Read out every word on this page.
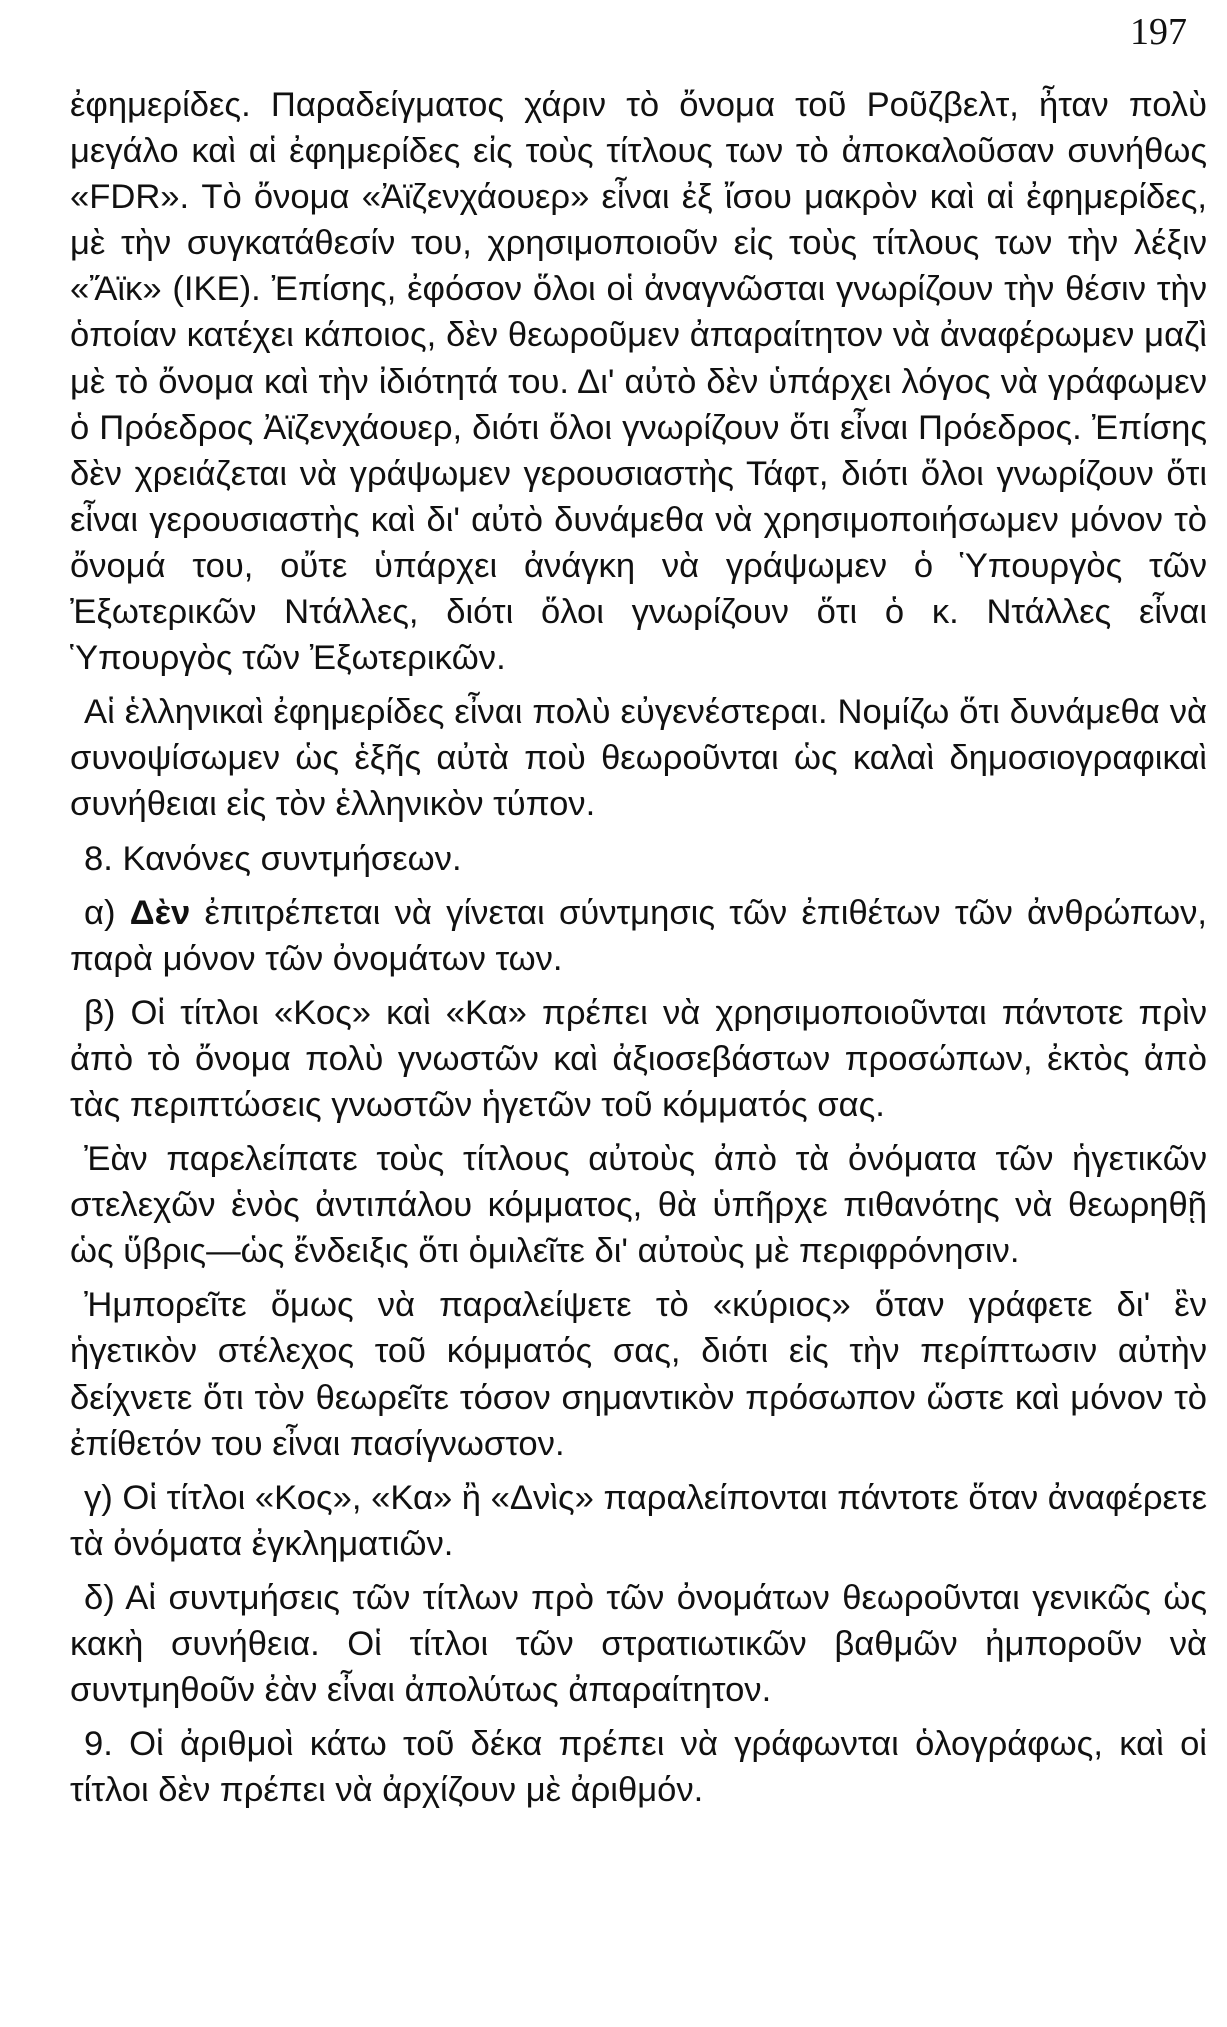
197

ἐφημερίδες. Παραδείγματος χάριν τὸ ὄνομα τοῦ Ρoῦζβελτ, ἦταν πολὺ μεγάλο καὶ αἱ ἐφημερίδες εἰς τοὺς τίτλους των τὸ ἀποκαλοῦσαν συνήθως «FDR». Τὸ ὄνομα «Ἀϊζενχάουερ» εἶναι ἐξ ἴσου μακρὸν καὶ αἱ ἐφημερίδες, μὲ τὴν συγκατάθεσίν του, χρησιμοποιοῦν εἰς τοὺς τίτλους των τὴν λέξιν «Ἄϊκ» (ΙΚΕ). Ἐπίσης, ἐφόσον ὅλοι οἱ ἀναγνῶσται γνωρίζουν τὴν θέσιν τὴν ὁποίαν κατέχει κάποιος, δὲν θεωροῦμεν ἀπαραίτητον νὰ ἀναφέρωμεν μαζὶ μὲ τὸ ὄνομα καὶ τὴν ἰδιότητά του. Δι' αὐτὸ δὲν ὑπάρχει λόγος νὰ γράφωμεν ὁ Πρόεδρος Ἀϊζενχάουερ, διότι ὅλοι γνωρίζουν ὅτι εἶναι Πρόεδρος. Ἐπίσης δὲν χρειάζεται νὰ γράψωμεν γερουσιαστὴς Τάφτ, διότι ὅλοι γνωρίζουν ὅτι εἶναι γερουσιαστὴς καὶ δι' αὐτὸ δυνάμεθα νὰ χρησιμοποιήσωμεν μόνον τὸ ὄνομά του, οὔτε ὑπάρχει ἀνάγκη νὰ γράψωμεν ὁ Ὑπουργὸς τῶν Ἐξωτερικῶν Ντάλλες, διότι ὅλοι γνωρίζουν ὅτι ὁ κ. Ντάλλες εἶναι Ὑπουργὸς τῶν Ἐξωτερικῶν.

Αἱ ἑλληνικαὶ ἐφημερίδες εἶναι πολὺ εὐγενέστεραι. Νομίζω ὅτι δυνάμεθα νὰ συνοψίσωμεν ὡς ἑξῆς αὐτὰ ποὺ θεωροῦνται ὡς καλαὶ δημοσιογραφικαὶ συνήθειαι εἰς τὸν ἑλληνικὸν τύπον.

8. Κανόνες συντμήσεων.

α) Δὲν ἐπιτρέπεται νὰ γίνεται σύντμησις τῶν ἐπιθέτων τῶν ἀνθρώπων, παρὰ μόνον τῶν ὀνομάτων των.

β) Οἱ τίτλοι «Κος» καὶ «Κα» πρέπει νὰ χρησιμοποιοῦνται πάντοτε πρὶν ἀπὸ τὸ ὄνομα πολὺ γνωστῶν καὶ ἀξιοσεβάστων προσώπων, ἐκτὸς ἀπὸ τὰς περιπτώσεις γνωστῶν ἡγετῶν τοῦ κόμματός σας.

Ἐὰν παρελείπατε τοὺς τίτλους αὐτοὺς ἀπὸ τὰ ὀνόματα τῶν ἡγετικῶν στελεχῶν ἑνὸς ἀντιπάλου κόμματος, θὰ ὑπῆρχε πιθανότης νὰ θεωρηθῇ ὡς ὕβρις—ὡς ἔνδειξις ὅτι ὁμιλεῖτε δι' αὐτοὺς μὲ περιφρόνησιν.

Ἠμπορεῖτε ὅμως νὰ παραλείψετε τὸ «κύριος» ὅταν γράφετε δι' ἓν ἡγετικὸν στέλεχος τοῦ κόμματός σας, διότι εἰς τὴν περίπτωσιν αὐτὴν δείχνετε ὅτι τὸν θεωρεῖτε τόσον σημαντικὸν πρόσωπον ὥστε καὶ μόνον τὸ ἐπίθετόν του εἶναι πασίγνωστον.

γ) Οἱ τίτλοι «Κος», «Κα» ἢ «Δνὶς» παραλείπονται πάντοτε ὅταν ἀναφέρετε τὰ ὀνόματα ἐγκληματιῶν.

δ) Αἱ συντμήσεις τῶν τίτλων πρὸ τῶν ὀνομάτων θεωροῦνται γενικῶς ὡς κακὴ συνήθεια. Οἱ τίτλοι τῶν στρατιωτικῶν βαθμῶν ἠμποροῦν νὰ συντμηθοῦν ἐὰν εἶναι ἀπολύτως ἀπαραίτητον.

9. Οἱ ἀριθμοὶ κάτω τοῦ δέκα πρέπει νὰ γράφωνται ὁλογράφως, καὶ οἱ τίτλοι δὲν πρέπει νὰ ἀρχίζουν μὲ ἀριθμόν.
